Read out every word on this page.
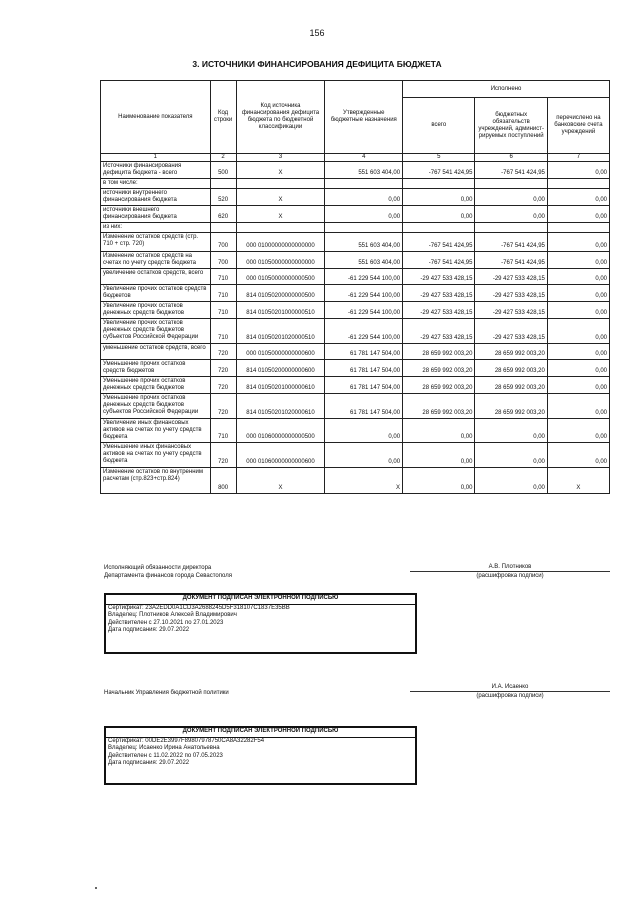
156
3. ИСТОЧНИКИ ФИНАНСИРОВАНИЯ ДЕФИЦИТА БЮДЖЕТА
Наименование показателя	Код строки	Код источника финансирования дефицита бюджета по бюджетной классификации	Утвержденные бюджетные назначения	Исполнено		
				всего	бюджетных обязательств учреждений, админист-рируемых поступлений	перечислено на банковские счета учреждений
1	2	3	4	5	6	7
Источники финансирования дефицита бюджета - всего	500	X	551 603 404,00	-767 541 424,95	-767 541 424,95	0,00
в том числе:						
источники внутреннего финансирования бюджета	520	X	0,00	0,00	0,00	0,00
источники внешнего финансирования бюджета	620	X	0,00	0,00	0,00	0,00
из них:						
Изменение остатков средств (стр. 710 + стр. 720)	700	000 01000000000000000	551 603 404,00	-767 541 424,95	-767 541 424,95	0,00
Изменение остатков средств на счетах по учету средств бюджета	700	000 01050000000000000	551 603 404,00	-767 541 424,95	-767 541 424,95	0,00
увеличение остатков средств, всего	710	000 01050000000000500	-61 229 544 100,00	-29 427 533 428,15	-29 427 533 428,15	0,00
Увеличение прочих остатков средств бюджетов	710	814 01050200000000500	-61 229 544 100,00	-29 427 533 428,15	-29 427 533 428,15	0,00
Увеличение прочих остатков денежных средств бюджетов	710	814 01050201000000510	-61 229 544 100,00	-29 427 533 428,15	-29 427 533 428,15	0,00
Увеличение прочих остатков денежных средств бюджетов субъектов Российской Федерации	710	814 01050201020000510	-61 229 544 100,00	-29 427 533 428,15	-29 427 533 428,15	0,00
уменьшение остатков средств, всего	720	000 01050000000000600	61 781 147 504,00	28 659 992 003,20	28 659 992 003,20	0,00
Уменьшение прочих остатков средств бюджетов	720	814 01050200000000600	61 781 147 504,00	28 659 992 003,20	28 659 992 003,20	0,00
Уменьшение прочих остатков денежных средств бюджетов	720	814 01050201000000610	61 781 147 504,00	28 659 992 003,20	28 659 992 003,20	0,00
Уменьшение прочих остатков денежных средств бюджетов субъектов Российской Федерации	720	814 01050201020000610	61 781 147 504,00	28 659 992 003,20	28 659 992 003,20	0,00
Увеличение иных финансовых активов на счетах по учету средств бюджета	710	000 01060000000000500	0,00	0,00	0,00	0,00
Уменьшение иных финансовых активов на счетах по учету средств бюджета	720	000 01060000000000600	0,00	0,00	0,00	0,00
Изменение остатков по внутренним расчетам (стр.823+стр.824)	800	X	X	0,00	0,00	X
Исполняющий обязанности директора
Департамента финансов города Севастополя
А.В. Плотников
(расшифровка подписи)
ДОКУМЕНТ ПОДПИСАН ЭЛЕКТРОННОЙ ПОДПИСЬЮ
Сертификат: 23A2EDD0A1CD3A2688245D5F318107C1837E35BB
Владелец: Плотников Алексей Владимирович
Действителен с 27.10.2021 по 27.01.2023
Дата подписания: 29.07.2022
Начальник Управления бюджетной политики
И.А. Исаенко
(расшифровка подписи)
ДОКУМЕНТ ПОДПИСАН ЭЛЕКТРОННОЙ ПОДПИСЬЮ
Сертификат: 00DE2E3997F89807978750CA8A32282F54
Владелец: Исаенко Ирина Анатольевна
Действителен с 11.02.2022 по 07.05.2023
Дата подписания: 29.07.2022
